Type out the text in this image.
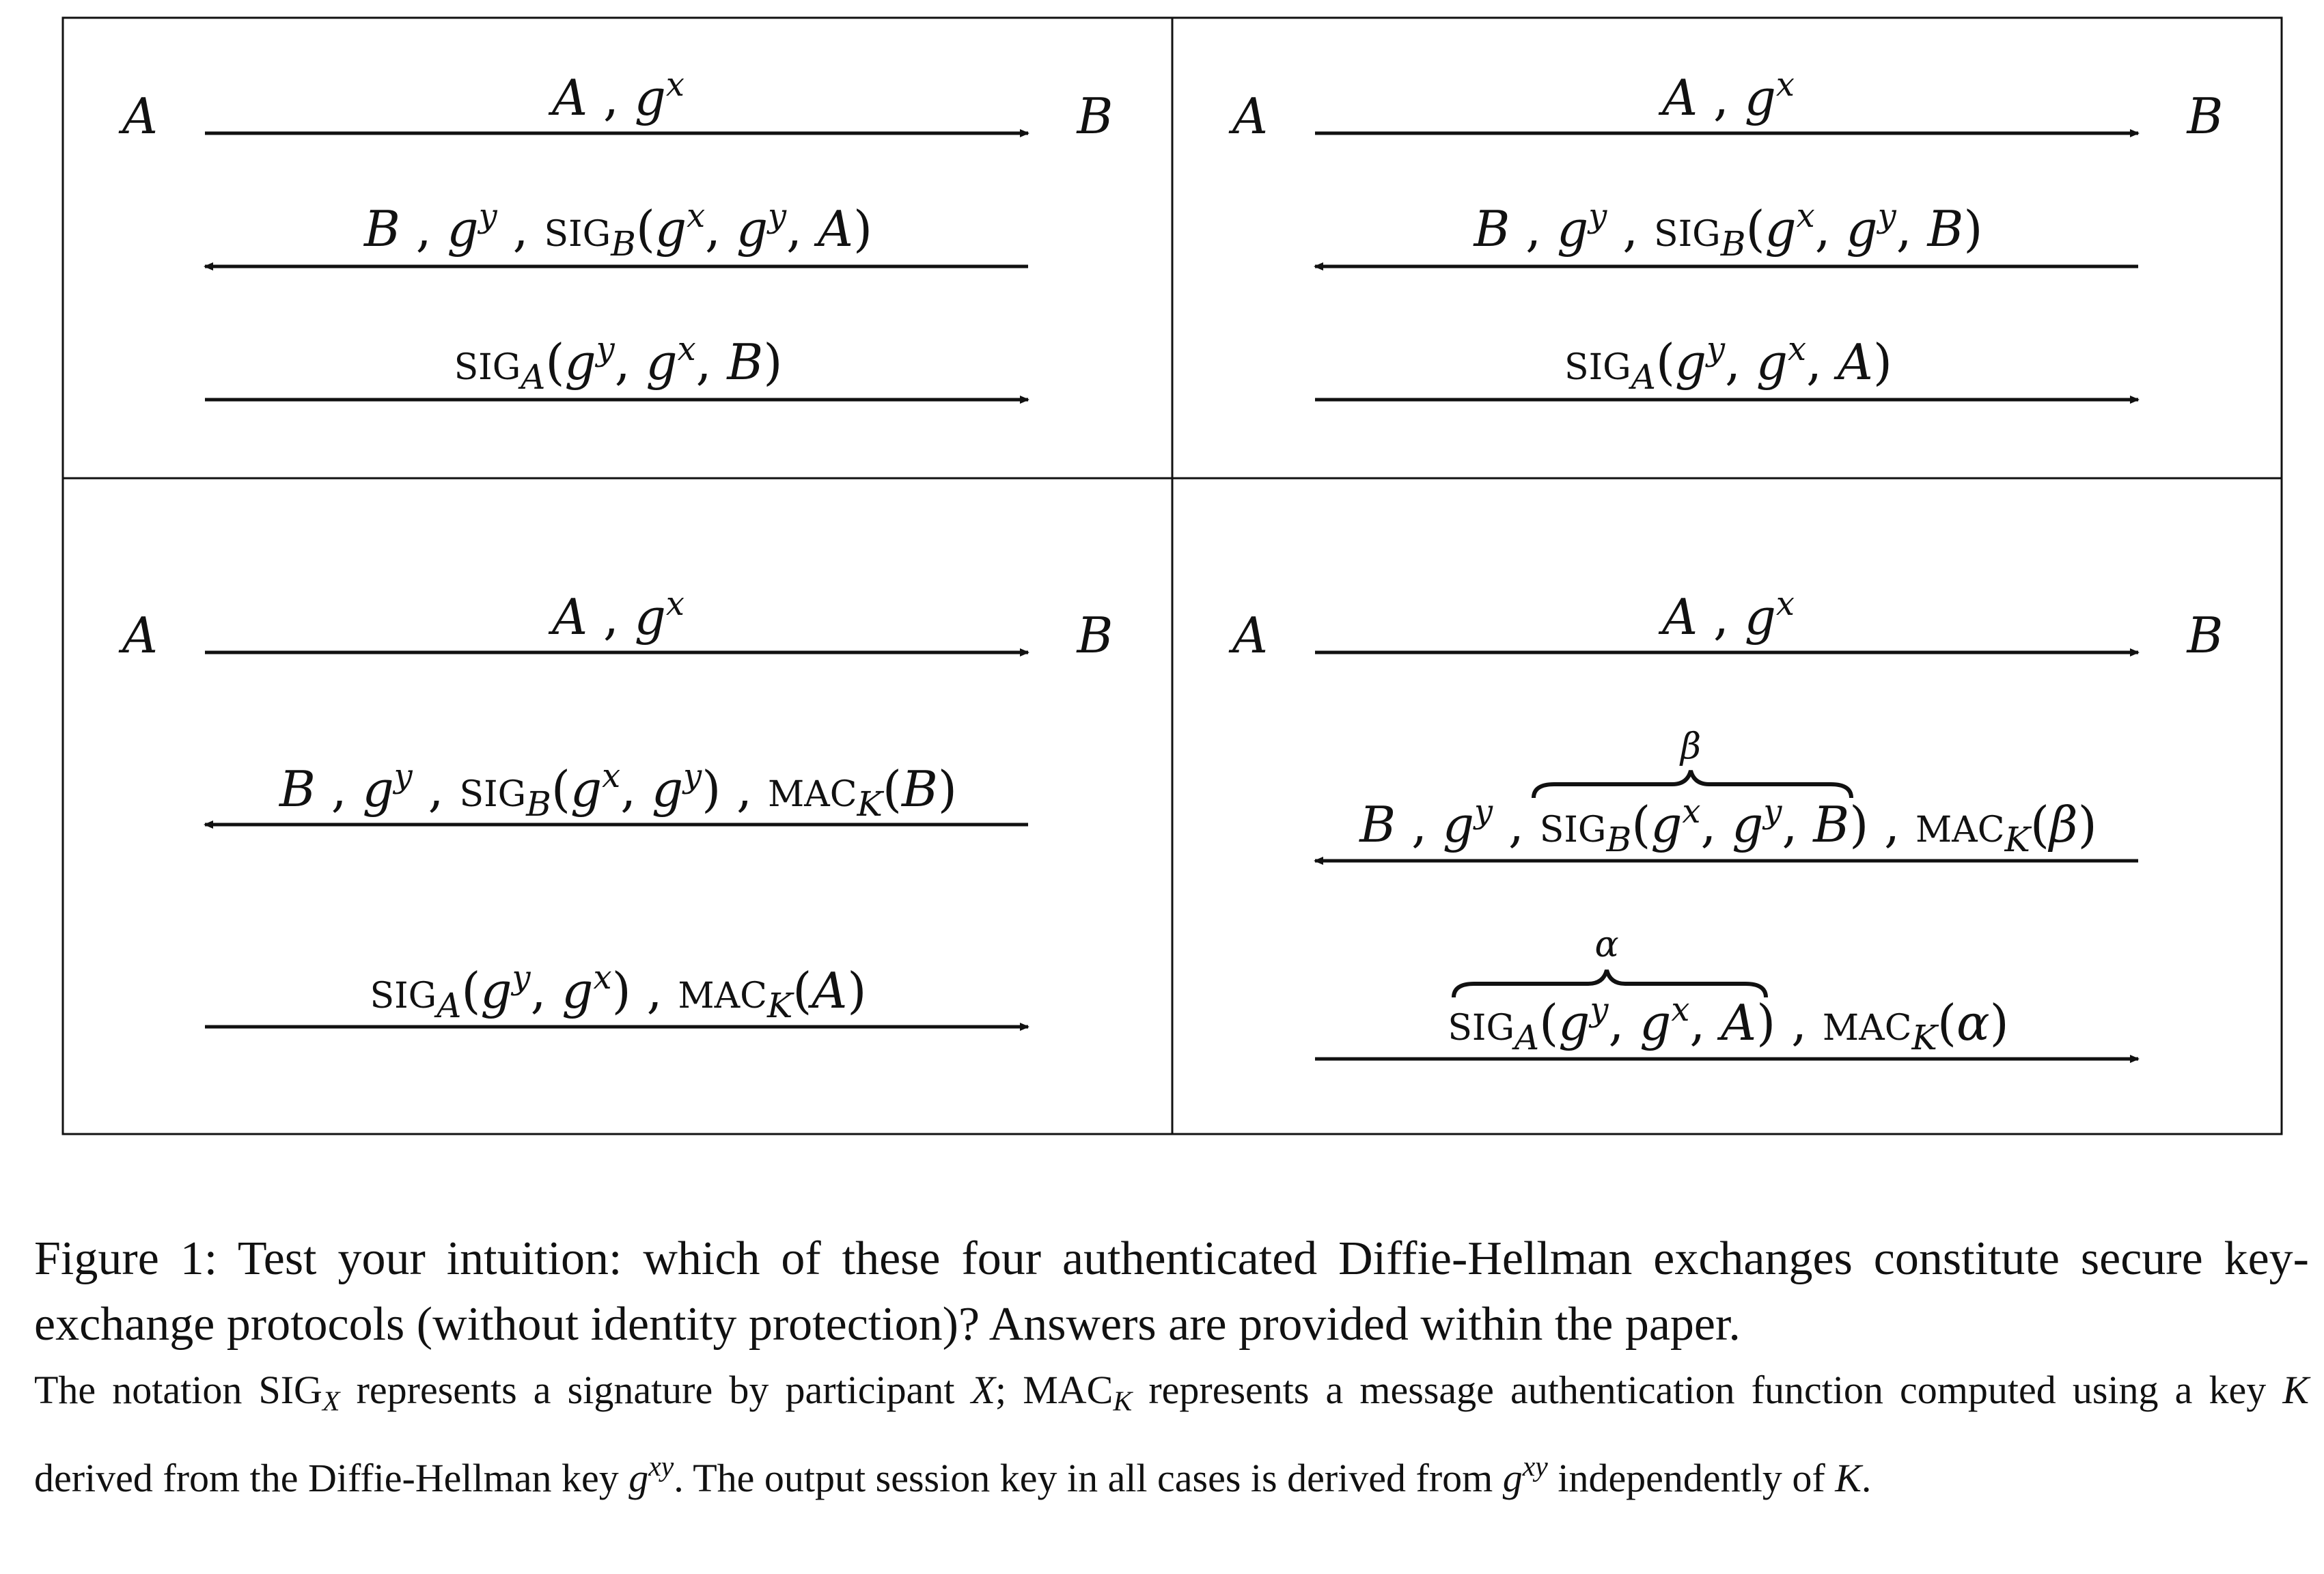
A	B
A , $g^x$
B , $g^y$ , $SIGB(g^x$, $g^y$, A)
$SIGA(g^y$, $g^x$, B)
A	B
A , $g^x$
B , $g^y$ , $SIGB(g^x$, $g^y$, B)
$SIGA(g^y$, $g^x$, A)
A	B
A , $g^x$
B , $g^y$ , $SIGB(g^x$, $g^y$) , MACK(B)
$SIGA(g^y$, $g^x$) , MACK(A)
A	B
A , $g^x$
β
B , $g^y$ , $SIGB(g^x$, $g^y$, B) , MACK(β)
α
$SIGA(g^y$, $g^x$, A) , MACK(α)
Figure 1: Test your intuition: which of these four authenticated Diffie-Hellman exchanges constitute secure key-exchange protocols (without identity protection)? Answers are provided within the paper.
The notation SIGX represents a signature by participant X; MACK represents a message authentication function computed using a key K derived from the Diffie-Hellman key $g^{xy}$. The output session key in all cases is derived from $g^{xy}$ independently of K.
